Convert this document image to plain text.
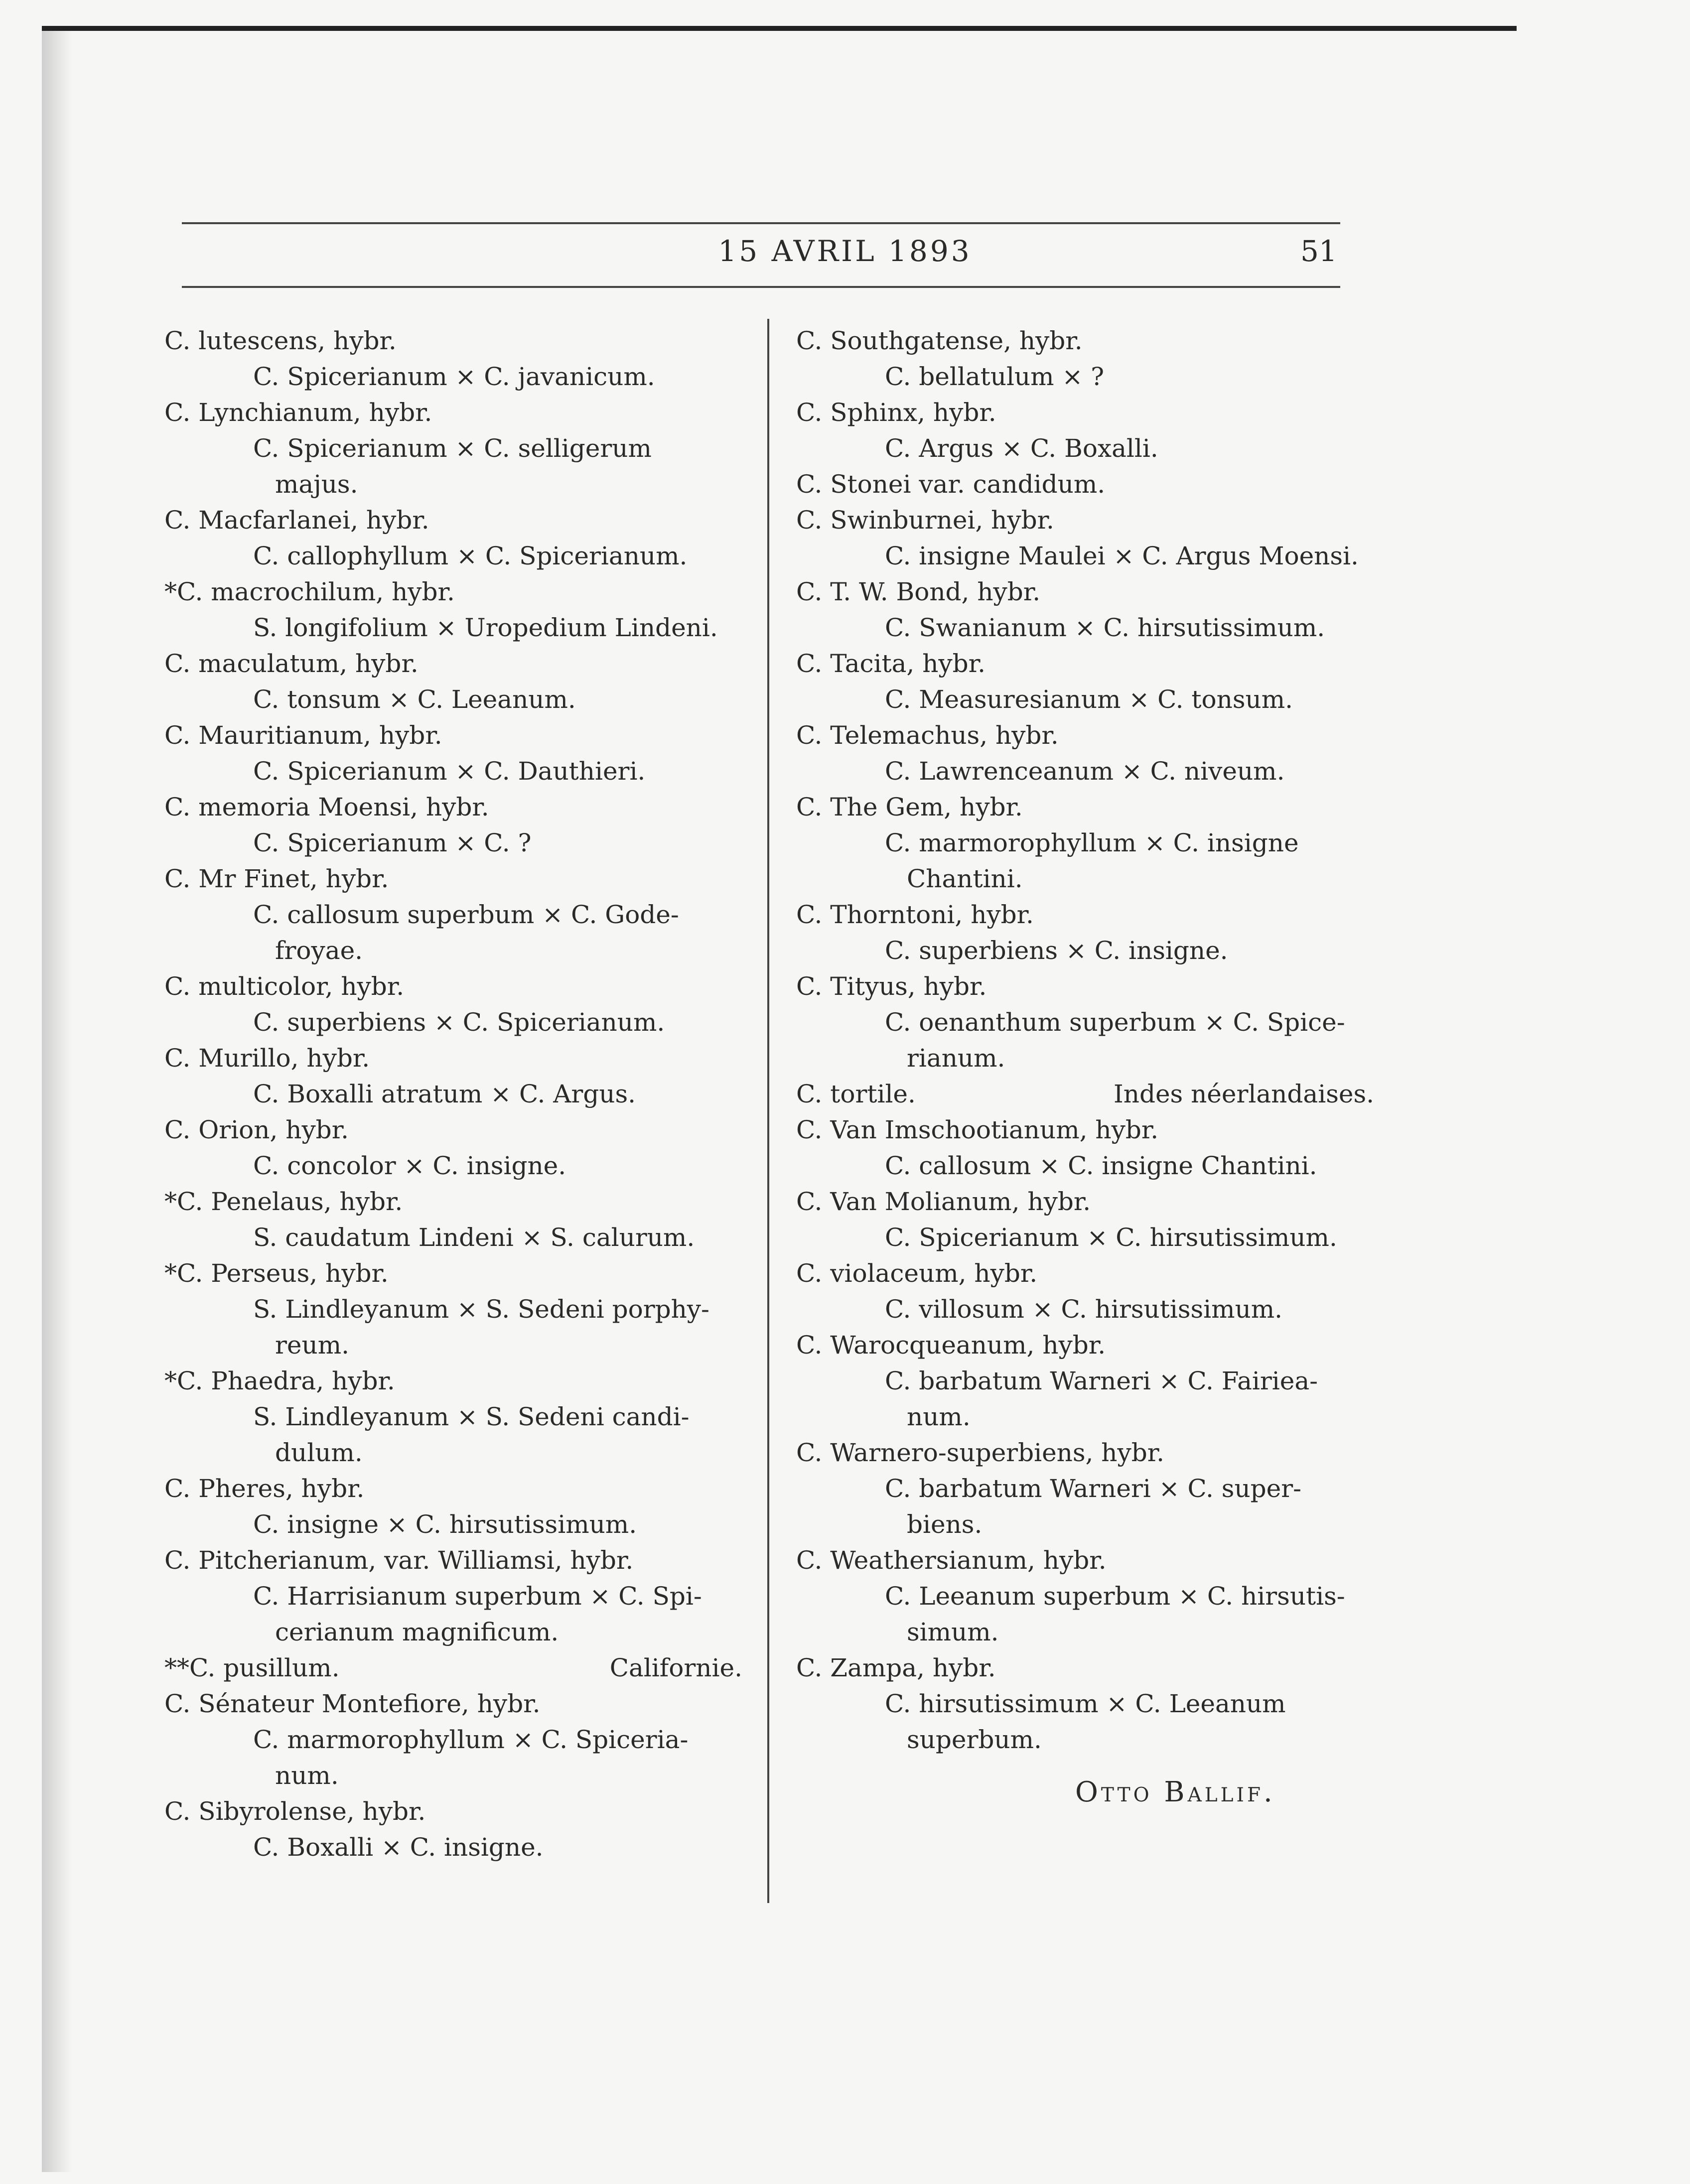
15 AVRIL 1893	51
C. lutescens, hybr.
C. Spicerianum × C. javanicum.
C. Lynchianum, hybr.
C. Spicerianum × C. selligerum
majus.
C. Macfarlanei, hybr.
C. callophyllum × C. Spicerianum.
*C. macrochilum, hybr.
S. longifolium × Uropedium Lindeni.
C. maculatum, hybr.
C. tonsum × C. Leeanum.
C. Mauritianum, hybr.
C. Spicerianum × C. Dauthieri.
C. memoria Moensi, hybr.
C. Spicerianum × C. ?
C. Mr Finet, hybr.
C. callosum superbum × C. Gode-
froyae.
C. multicolor, hybr.
C. superbiens × C. Spicerianum.
C. Murillo, hybr.
C. Boxalli atratum × C. Argus.
C. Orion, hybr.
C. concolor × C. insigne.
*C. Penelaus, hybr.
S. caudatum Lindeni × S. calurum.
*C. Perseus, hybr.
S. Lindleyanum × S. Sedeni porphy-
reum.
*C. Phaedra, hybr.
S. Lindleyanum × S. Sedeni candi-
dulum.
C. Pheres, hybr.
C. insigne × C. hirsutissimum.
C. Pitcherianum, var. Williamsi, hybr.
C. Harrisianum superbum × C. Spi-
cerianum magnificum.
**C. pusillum.	Californie.
C. Sénateur Montefiore, hybr.
C. marmorophyllum × C. Spiceria-
num.
C. Sibyrolense, hybr.
C. Boxalli × C. insigne.
C. Southgatense, hybr.
C. bellatulum × ?
C. Sphinx, hybr.
C. Argus × C. Boxalli.
C. Stonei var. candidum.
C. Swinburnei, hybr.
C. insigne Maulei × C. Argus Moensi.
C. T. W. Bond, hybr.
C. Swanianum × C. hirsutissimum.
C. Tacita, hybr.
C. Measuresianum × C. tonsum.
C. Telemachus, hybr.
C. Lawrenceanum × C. niveum.
C. The Gem, hybr.
C. marmorophyllum × C. insigne
Chantini.
C. Thorntoni, hybr.
C. superbiens × C. insigne.
C. Tityus, hybr.
C. oenanthum superbum × C. Spice-
rianum.
C. tortile.	Indes néerlandaises.
C. Van Imschootianum, hybr.
C. callosum × C. insigne Chantini.
C. Van Molianum, hybr.
C. Spicerianum × C. hirsutissimum.
C. violaceum, hybr.
C. villosum × C. hirsutissimum.
C. Warocqueanum, hybr.
C. barbatum Warneri × C. Fairiea-
num.
C. Warnero-superbiens, hybr.
C. barbatum Warneri × C. super-
biens.
C. Weathersianum, hybr.
C. Leeanum superbum × C. hirsutis-
simum.
C. Zampa, hybr.
C. hirsutissimum × C. Leeanum
superbum.
Otto Ballif.
